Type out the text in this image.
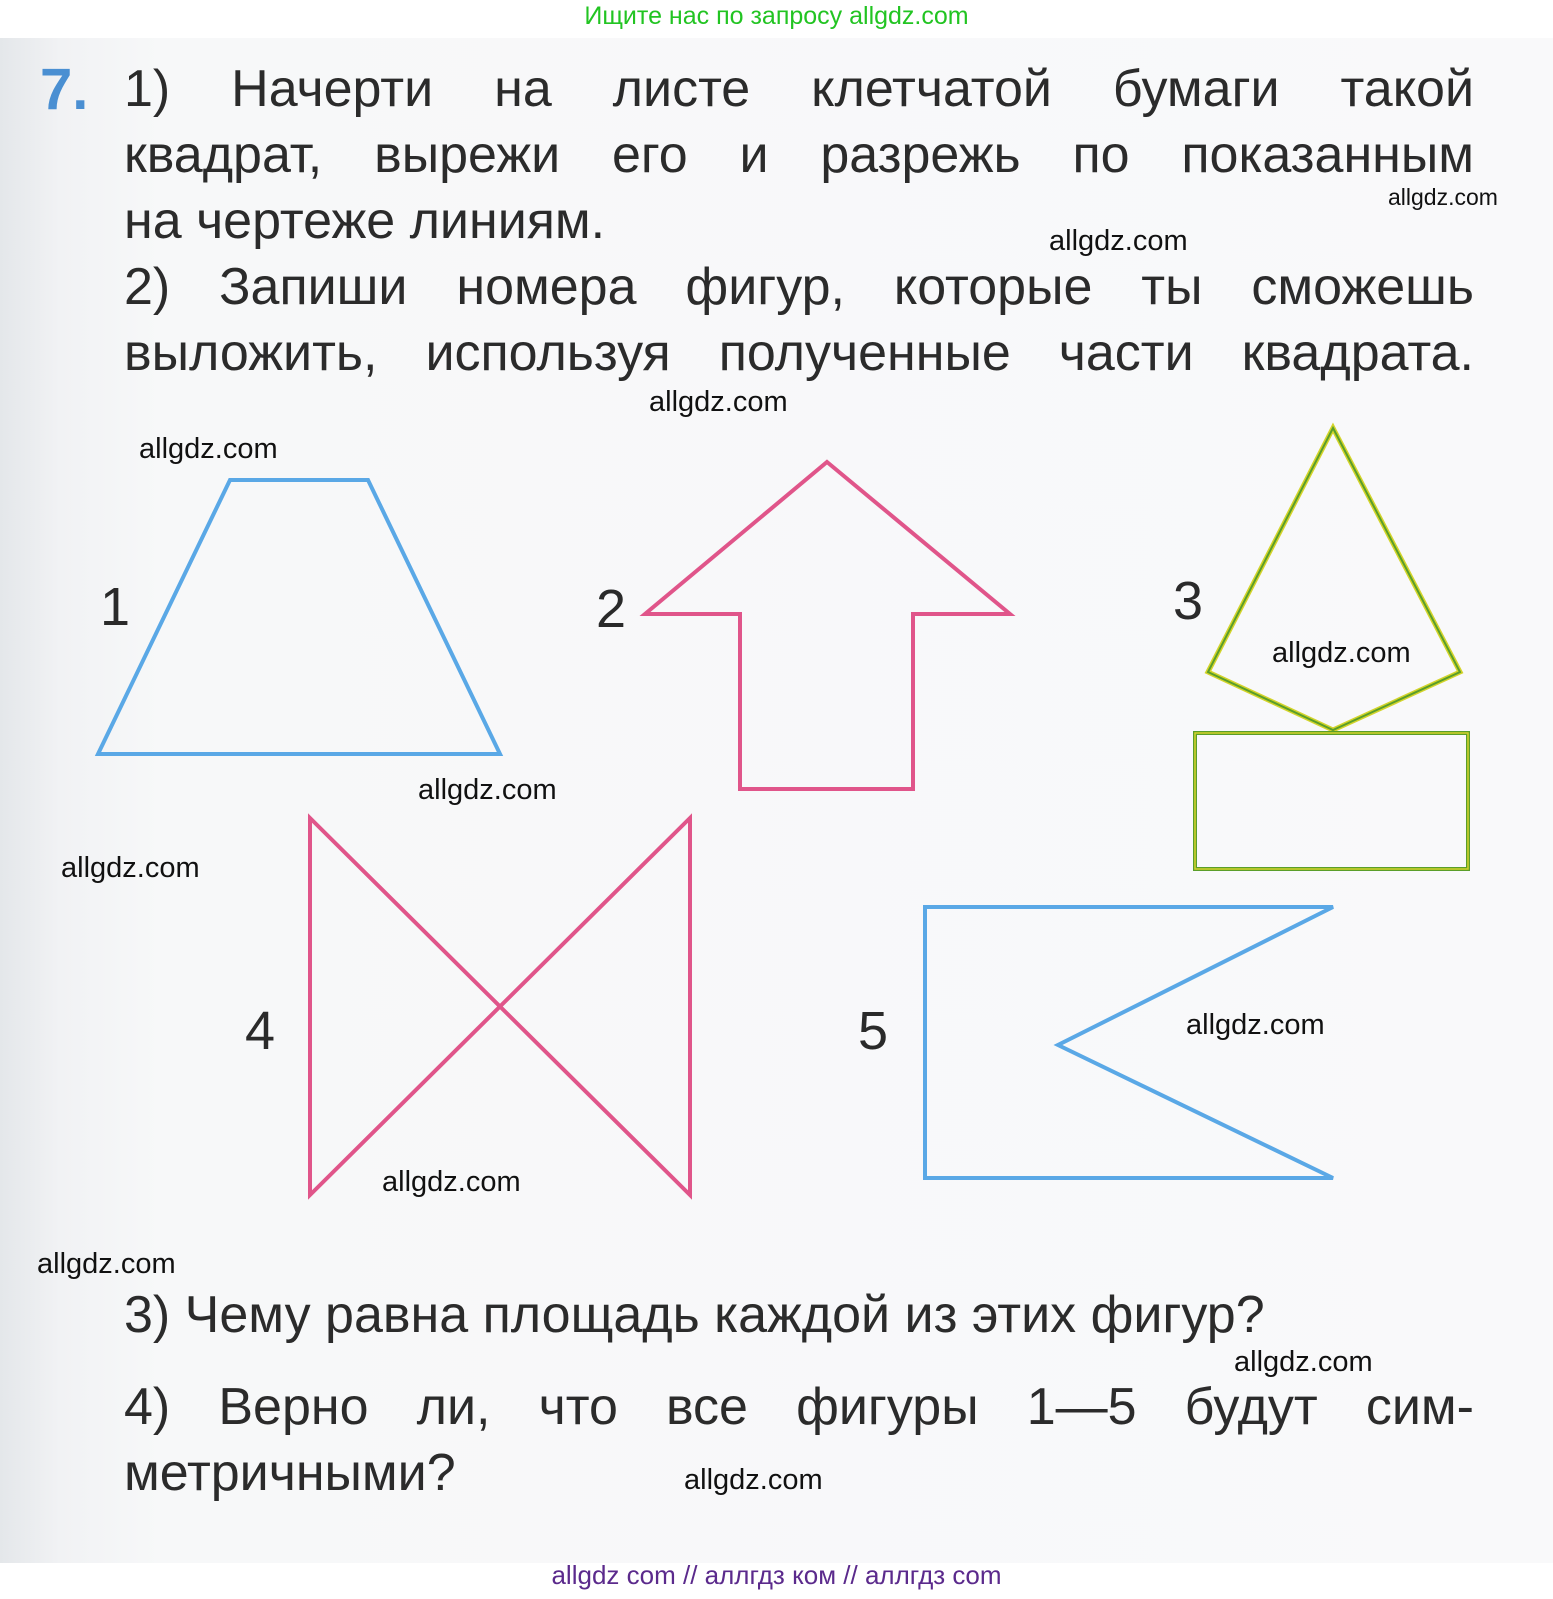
Ищите нас по запросу allgdz.com
7. 1) Начерти на листе клетчатой бумаги такой
квадрат, вырежи его и разрежь по показанным
на чертеже линиям.
2) Запиши номера фигур, которые ты сможешь
выложить, используя полученные части квадрата.
1	2	3
4	5
3) Чему равна площадь каждой из этих фигур?
4) Верно ли, что все фигуры 1—5 будут сим-
метричными?
allgdz.com
allgdz.com
allgdz.com
allgdz.com
allgdz.com
allgdz.com
allgdz.com
allgdz.com
allgdz.com
allgdz.com
allgdz.com
allgdz.com
allgdz com // аллгдз ком // аллгдз com
